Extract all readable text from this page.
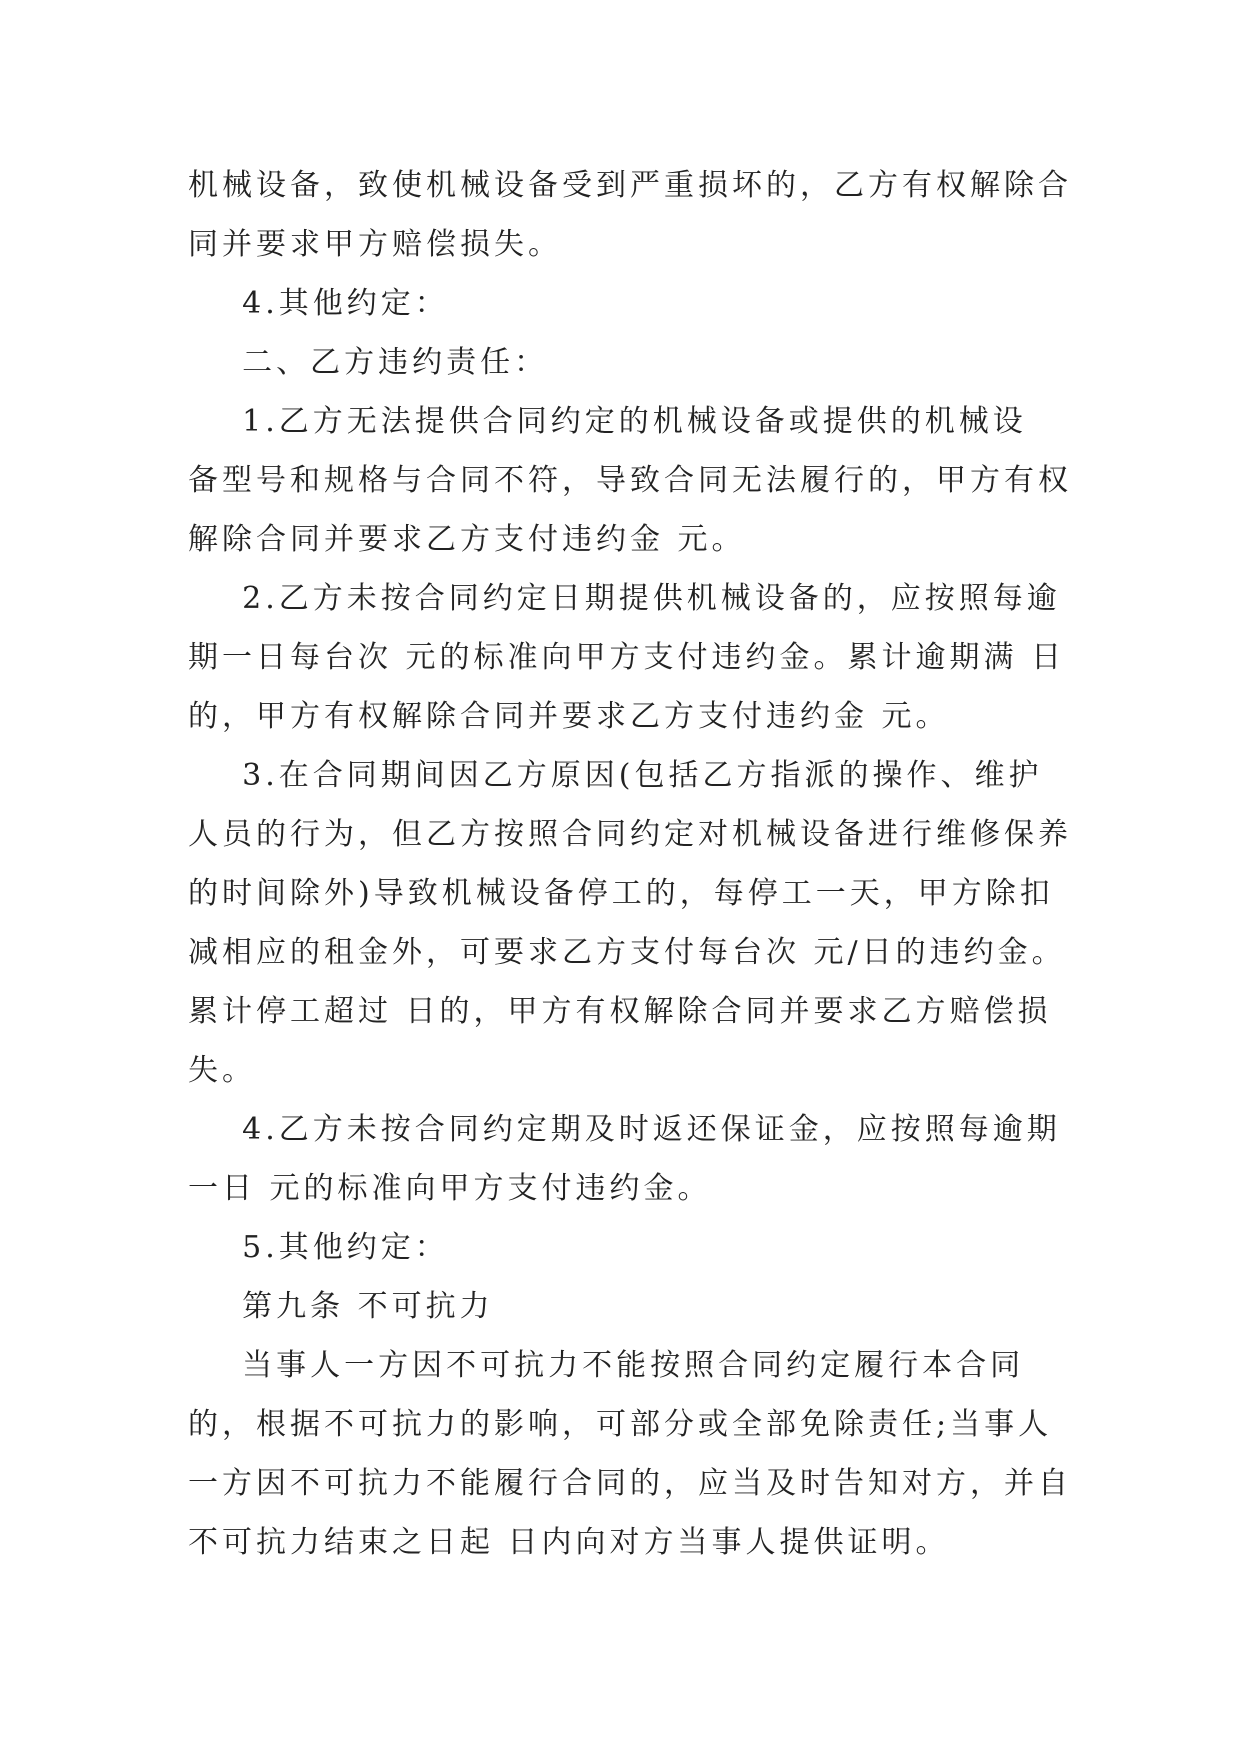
机械设备，致使机械设备受到严重损坏的，乙方有权解除合
同并要求甲方赔偿损失。
4.其他约定：
二、乙方违约责任：
1.乙方无法提供合同约定的机械设备或提供的机械设
备型号和规格与合同不符，导致合同无法履行的，甲方有权
解除合同并要求乙方支付违约金 元。
2.乙方未按合同约定日期提供机械设备的，应按照每逾
期一日每台次 元的标准向甲方支付违约金。累计逾期满 日
的，甲方有权解除合同并要求乙方支付违约金 元。
3.在合同期间因乙方原因(包括乙方指派的操作、维护
人员的行为，但乙方按照合同约定对机械设备进行维修保养
的时间除外)导致机械设备停工的，每停工一天，甲方除扣
减相应的租金外，可要求乙方支付每台次 元/日的违约金。
累计停工超过 日的，甲方有权解除合同并要求乙方赔偿损
失。
4.乙方未按合同约定期及时返还保证金，应按照每逾期
一日 元的标准向甲方支付违约金。
5.其他约定：
第九条 不可抗力
当事人一方因不可抗力不能按照合同约定履行本合同
的，根据不可抗力的影响，可部分或全部免除责任;当事人
一方因不可抗力不能履行合同的，应当及时告知对方，并自
不可抗力结束之日起 日内向对方当事人提供证明。
